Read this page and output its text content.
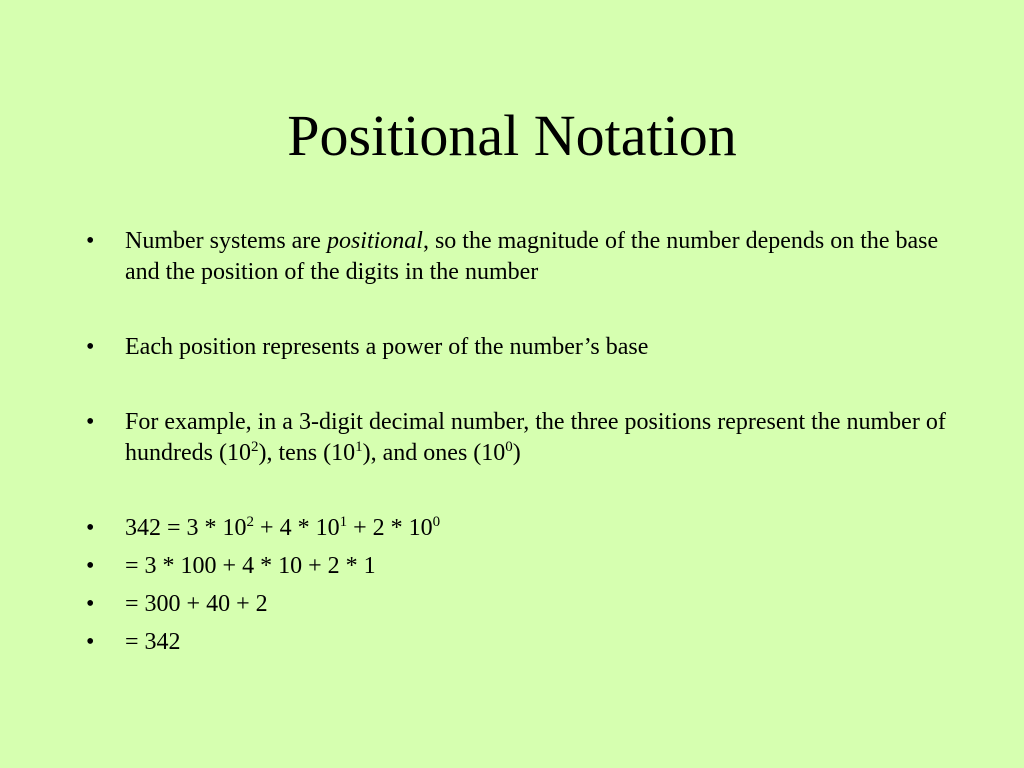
Positional Notation
• Number systems are positional, so the magnitude of the number depends on the base and the position of the digits in the number
• Each position represents a power of the number’s base
• For example, in a 3-digit decimal number, the three positions represent the number of hundreds $(10^2)$, tens $(10^1)$, and ones $(10^0)$
• $342 = 3 * 10^2 + 4 * 10^1 + 2 * 10^0$
• = 3 * 100 + 4 * 10 + 2 * 1
• = 300 + 40 + 2
• = 342
